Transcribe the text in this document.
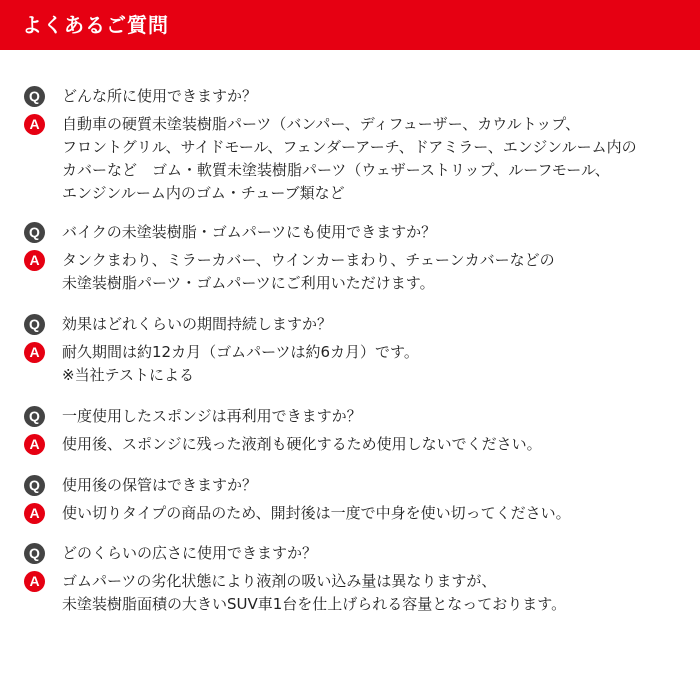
よくあるご質問
Q	どんな所に使用できますか？
A	自動車の硬質未塗装樹脂パーツ（バンパー、ディフューザー、カウルトップ、
フロントグリル、サイドモール、フェンダーアーチ、ドアミラー、エンジンルーム内の
カバーなど　ゴム・軟質未塗装樹脂パーツ（ウェザーストリップ、ルーフモール、
エンジンルーム内のゴム・チューブ類など
Q	バイクの未塗装樹脂・ゴムパーツにも使用できますか？
A	タンクまわり、ミラーカバー、ウインカーまわり、チェーンカバーなどの
未塗装樹脂パーツ・ゴムパーツにご利用いただけます。
Q	効果はどれくらいの期間持続しますか？
A	耐久期間は約12カ月（ゴムパーツは約6カ月）です。
※当社テストによる
Q	一度使用したスポンジは再利用できますか？
A	使用後、スポンジに残った液剤も硬化するため使用しないでください。
Q	使用後の保管はできますか？
A	使い切りタイプの商品のため、開封後は一度で中身を使い切ってください。
Q	どのくらいの広さに使用できますか？
A	ゴムパーツの劣化状態により液剤の吸い込み量は異なりますが、
未塗装樹脂面積の大きいSUV車1台を仕上げられる容量となっております。
